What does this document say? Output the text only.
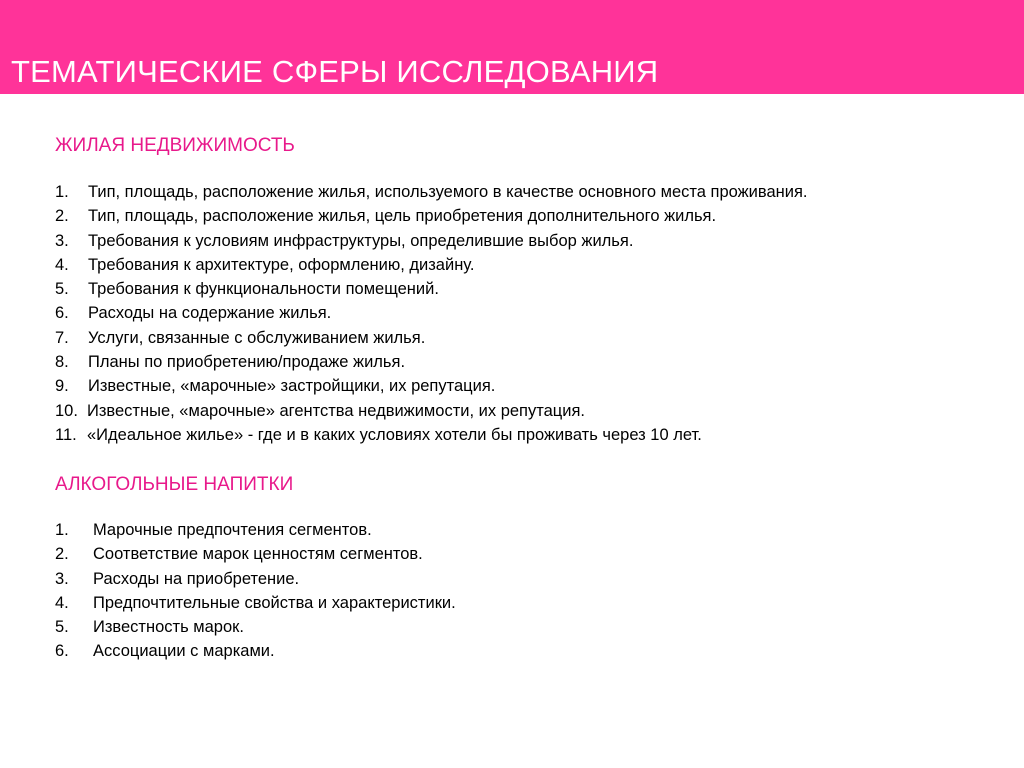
ТЕМАТИЧЕСКИЕ СФЕРЫ ИССЛЕДОВАНИЯ
ЖИЛАЯ НЕДВИЖИМОСТЬ
1.	Тип, площадь, расположение жилья, используемого в качестве основного места проживания.
2.	Тип, площадь, расположение жилья, цель приобретения дополнительного жилья.
3.	Требования к условиям инфраструктуры, определившие выбор жилья.
4.	Требования к архитектуре, оформлению, дизайну.
5.	Требования к функциональности помещений.
6.	Расходы на содержание жилья.
7.	Услуги, связанные с обслуживанием жилья.
8.	Планы по приобретению/продаже жилья.
9.	Известные, «марочные» застройщики, их репутация.
10. Известные, «марочные» агентства недвижимости, их репутация.
11. «Идеальное жилье» - где и в каких условиях хотели бы проживать через 10 лет.
АЛКОГОЛЬНЫЕ НАПИТКИ
1.	Марочные предпочтения сегментов.
2.	Соответствие марок ценностям сегментов.
3.	Расходы на приобретение.
4.	Предпочтительные свойства и характеристики.
5.	Известность марок.
6.	Ассоциации с марками.
